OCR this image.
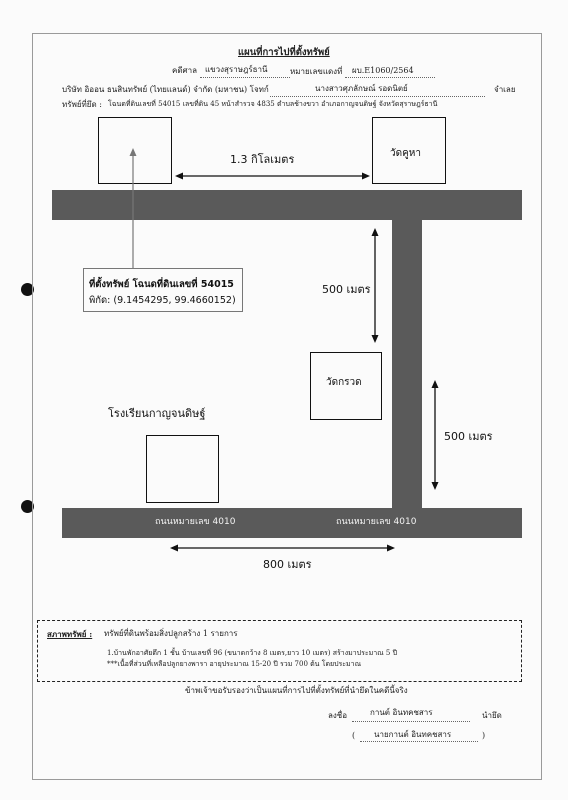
แผนที่การไปที่ตั้งทรัพย์
คดีศาล แขวงสุราษฎร์ธานี	หมายเลขแดงที่ ผบ.E1060/2564
บริษัท อิออน ธนสินทรัพย์ (ไทยแลนด์) จำกัด (มหาชน) โจทก์	นางสาวศุภลักษณ์ รอดนิตย์	จำเลย
ทรัพย์ที่ยึด : โฉนดที่ดินเลขที่ 54015 เลขที่ดิน 45 หน้าสำรวจ 4835 ตำบลช้างขวา อำเภอกาญจนดิษฐ์ จังหวัดสุราษฎร์ธานี
วัดคูหา
1.3 กิโลเมตร
ถนนหมายเลข 4010	ถนนหมายเลข 4010
ที่ตั้งทรัพย์ โฉนดที่ดินเลขที่ 54015
พิกัด: (9.1454295, 99.4660152)
500 เมตร
วัดกรวด
500 เมตร
โรงเรียนกาญจนดิษฐ์
800 เมตร
สภาพทรัพย์ : ทรัพย์ที่ดินพร้อมสิ่งปลูกสร้าง 1 รายการ
1.บ้านพักอาศัยตึก 1 ชั้น บ้านเลขที่ 96 (ขนาดกว้าง 8 เมตร,ยาว 10 เมตร) สร้างมาประมาณ 5 ปี
***เนื้อที่ส่วนที่เหลือปลูกยางพารา อายุประมาณ 15-20 ปี รวม 700 ต้น โดยประมาณ
ข้าพเจ้าขอรับรองว่าเป็นแผนที่การไปที่ตั้งทรัพย์ที่นำยึดในคดีนี้จริง
ลงชื่อ	กานต์ อินทคชสาร	นำยึด
( นายกานต์ อินทคชสาร	)
